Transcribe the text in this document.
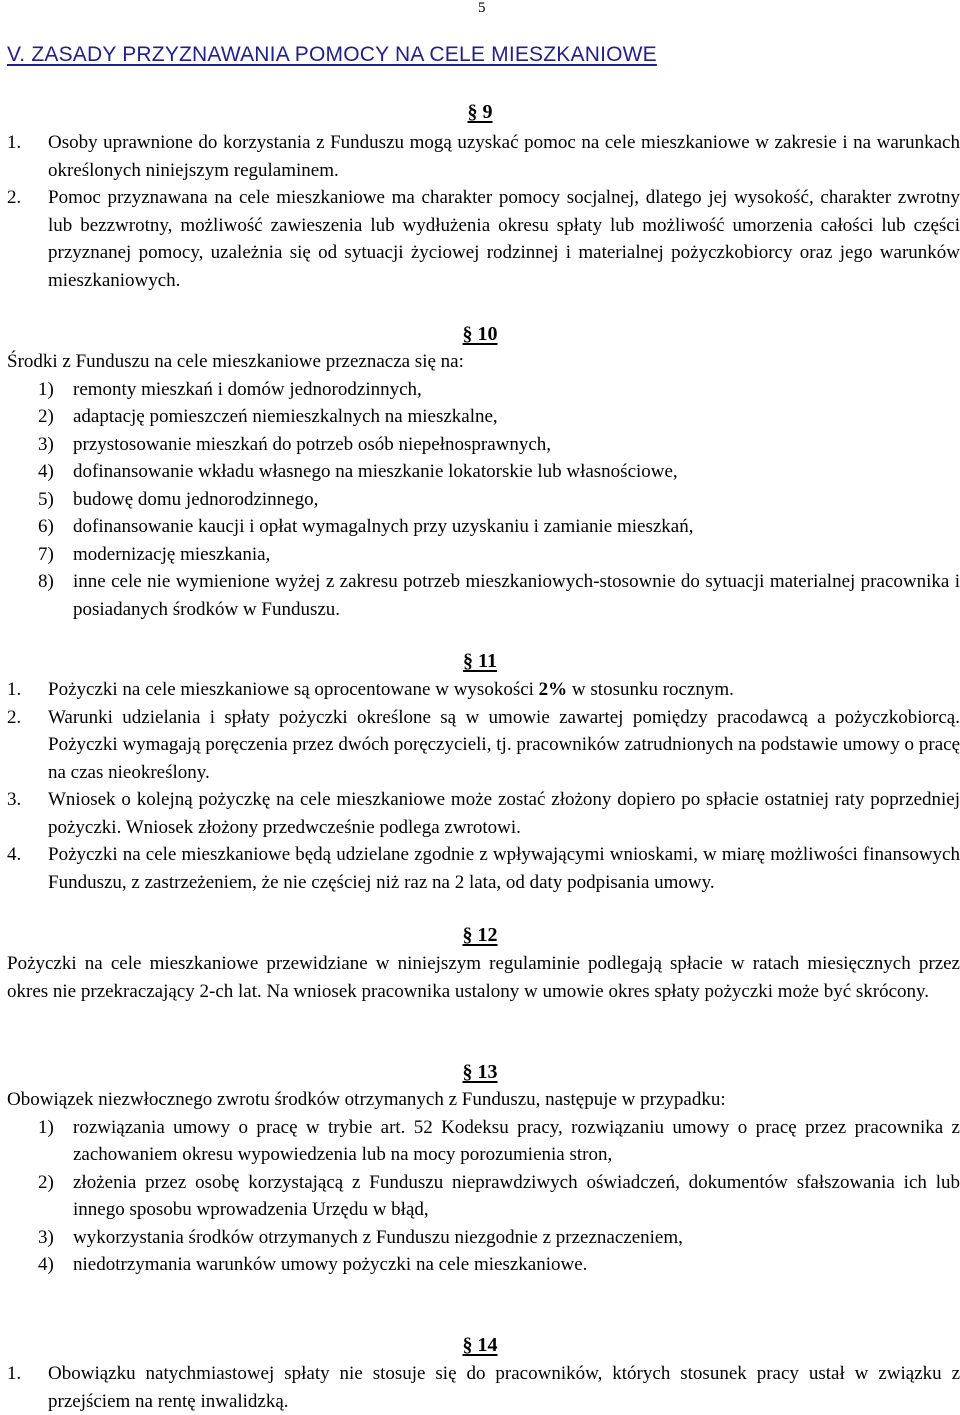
5
V. ZASADY PRZYZNAWANIA POMOCY NA CELE MIESZKANIOWE
§ 9
1. Osoby uprawnione do korzystania z Funduszu mogą uzyskać pomoc na cele mieszkaniowe w zakresie i na warunkach określonych niniejszym regulaminem.
2. Pomoc przyznawana na cele mieszkaniowe ma charakter pomocy socjalnej, dlatego jej wysokość, charakter zwrotny lub bezzwrotny, możliwość zawieszenia lub wydłużenia okresu spłaty lub możliwość umorzenia całości lub części przyznanej pomocy, uzależnia się od sytuacji życiowej rodzinnej i materialnej pożyczkobiorcy oraz jego warunków mieszkaniowych.
§ 10
Środki z Funduszu na cele mieszkaniowe przeznacza się na:
1) remonty mieszkań i domów jednorodzinnych,
2) adaptację pomieszczeń niemieszkalnych na mieszkalne,
3) przystosowanie mieszkań do potrzeb osób niepełnosprawnych,
4) dofinansowanie wkładu własnego na mieszkanie lokatorskie lub własnościowe,
5) budowę domu jednorodzinnego,
6) dofinansowanie kaucji i opłat wymagalnych przy uzyskaniu i zamianie mieszkań,
7) modernizację mieszkania,
8) inne cele nie wymienione wyżej z zakresu potrzeb mieszkaniowych-stosownie do sytuacji materialnej pracownika i posiadanych środków w Funduszu.
§ 11
1. Pożyczki na cele mieszkaniowe są oprocentowane w wysokości 2% w stosunku rocznym.
2. Warunki udzielania i spłaty pożyczki określone są w umowie zawartej pomiędzy pracodawcą a pożyczkobiorcą. Pożyczki wymagają poręczenia przez dwóch poręczycieli, tj. pracowników zatrudnionych na podstawie umowy o pracę na czas nieokreślony.
3. Wniosek o kolejną pożyczkę na cele mieszkaniowe może zostać złożony dopiero po spłacie ostatniej raty poprzedniej pożyczki. Wniosek złożony przedwcześnie podlega zwrotowi.
4. Pożyczki na cele mieszkaniowe będą udzielane zgodnie z wpływającymi wnioskami, w miarę możliwości finansowych Funduszu, z zastrzeżeniem, że nie częściej niż raz na 2 lata, od daty podpisania umowy.
§ 12
Pożyczki na cele mieszkaniowe przewidziane w niniejszym regulaminie podlegają spłacie w ratach miesięcznych przez okres nie przekraczający 2-ch lat. Na wniosek pracownika ustalony w umowie okres spłaty pożyczki może być skrócony.
§ 13
Obowiązek niezwłocznego zwrotu środków otrzymanych z Funduszu, następuje w przypadku:
1) rozwiązania umowy o pracę w trybie art. 52 Kodeksu pracy, rozwiązaniu umowy o pracę przez pracownika z zachowaniem okresu wypowiedzenia lub na mocy porozumienia stron,
2) złożenia przez osobę korzystającą z Funduszu nieprawdziwych oświadczeń, dokumentów sfałszowania ich lub innego sposobu wprowadzenia Urzędu w błąd,
3) wykorzystania środków otrzymanych z Funduszu niezgodnie z przeznaczeniem,
4) niedotrzymania warunków umowy pożyczki na cele mieszkaniowe.
§ 14
1. Obowiązku natychmiastowej spłaty nie stosuje się do pracowników, których stosunek pracy ustał w związku z przejściem na rentę inwalidzką.
